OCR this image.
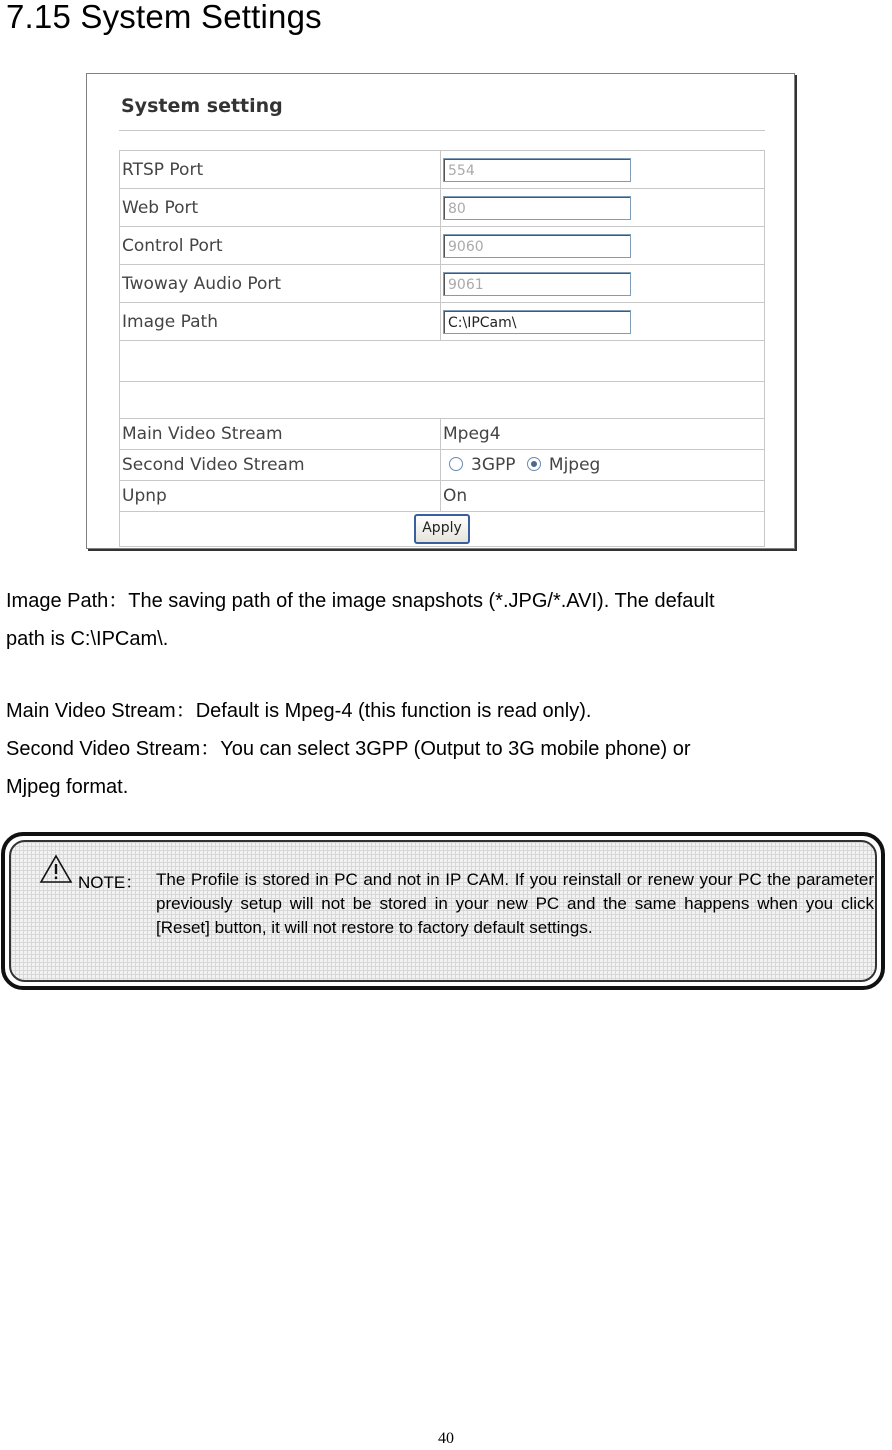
7.15 System Settings
System setting
RTSP Port	554
Web Port	80
Control Port	9060
Twoway Audio Port	9061
Image Path	C:\IPCam\

Main Video Stream	Mpeg4
Second Video Stream	3GPP Mjpeg
Upnp	On
Apply	

Image Path：The saving path of the image snapshots (*.JPG/*.AVI). The default

path is C:\IPCam\.

Main Video Stream：Default is Mpeg-4 (this function is read only).

Second Video Stream：You can select 3GPP (Output to 3G mobile phone) or

Mjpeg format.

NOTE： The Profile is stored in PC and not in IP CAM. If you reinstall or renew your PC the parameter previously setup will not be stored in your new PC and the same happens when you click [Reset] button, it will not restore to factory default settings.

40
